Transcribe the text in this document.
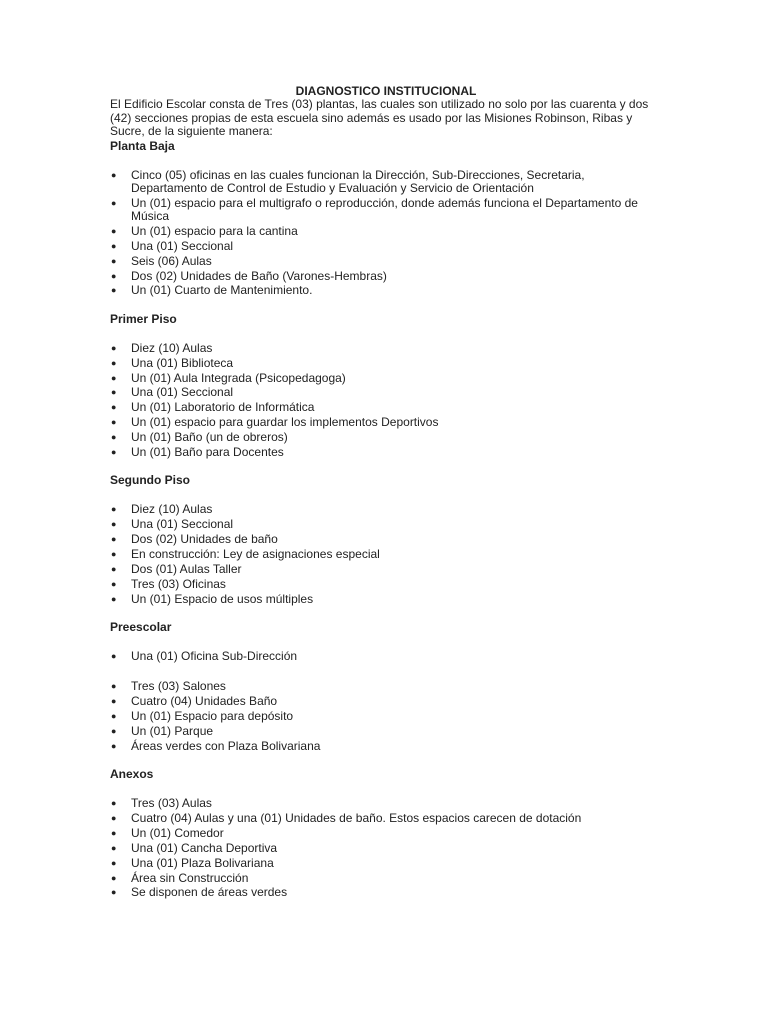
DIAGNOSTICO INSTITUCIONAL

El Edificio Escolar consta de Tres (03) plantas, las cuales son utilizado no solo por las cuarenta y dos (42) secciones propias de esta escuela sino además es usado por las Misiones Robinson, Ribas y Sucre, de la siguiente manera:

Planta Baja

● Cinco (05) oficinas en las cuales funcionan la Dirección, Sub-Direcciones, Secretaria, Departamento de Control de Estudio y Evaluación y Servicio de Orientación
● Un (01) espacio para el multigrafo o reproducción, donde además funciona el Departamento de Música
● Un (01) espacio para la cantina
● Una (01) Seccional
● Seis (06) Aulas
● Dos (02) Unidades de Baño (Varones-Hembras)
● Un (01) Cuarto de Mantenimiento.

Primer Piso

● Diez (10) Aulas
● Una (01) Biblioteca
● Un (01) Aula Integrada (Psicopedagoga)
● Una (01) Seccional
● Un (01) Laboratorio de Informática
● Un (01) espacio para guardar los implementos Deportivos
● Un (01) Baño (un de obreros)
● Un (01) Baño para Docentes

Segundo Piso

● Diez (10) Aulas
● Una (01) Seccional
● Dos (02) Unidades de baño
● En construcción: Ley de asignaciones especial
● Dos (01) Aulas Taller
● Tres (03) Oficinas
● Un (01) Espacio de usos múltiples

Preescolar

● Una (01) Oficina Sub-Dirección
● Tres (03) Salones
● Cuatro (04) Unidades Baño
● Un (01) Espacio para depósito
● Un (01) Parque
● Áreas verdes con Plaza Bolivariana

Anexos

● Tres (03) Aulas
● Cuatro (04) Aulas y una (01) Unidades de baño. Estos espacios carecen de dotación
● Un (01) Comedor
● Una (01) Cancha Deportiva
● Una (01) Plaza Bolivariana
● Área sin Construcción
● Se disponen de áreas verdes
